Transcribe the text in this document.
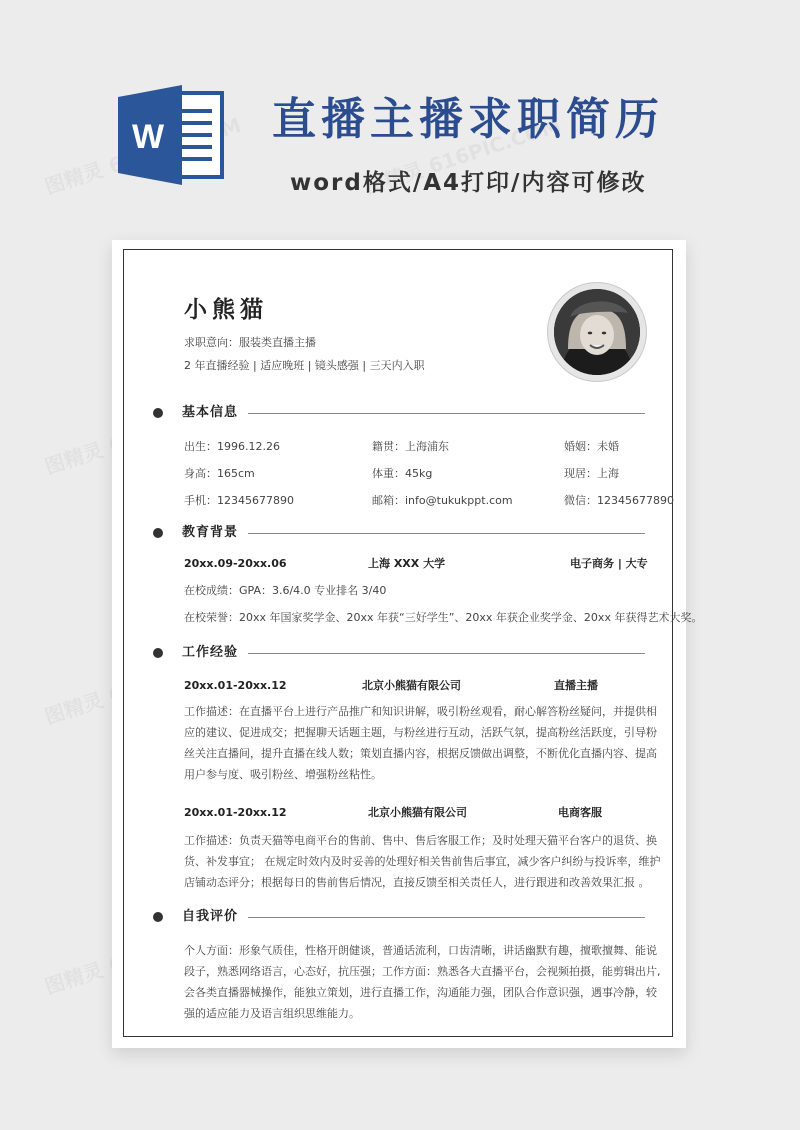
W 直播主播求职简历

word格式/A4打印/内容可修改

小熊猫
求职意向：服装类直播主播
2 年直播经验 | 适应晚班 | 镜头感强 | 三天内入职
基本信息
出生：1996.12.26	籍贯：上海浦东	婚姻：未婚
身高：165cm	体重：45kg	现居：上海
手机：12345677890	邮箱：info@tukukppt.com	微信：12345677890
教育背景
20xx.09-20xx.06	上海 XXX 大学	电子商务 | 大专
在校成绩：GPA：3.6/4.0 专业排名 3/40
在校荣誉：20xx 年国家奖学金、20xx 年获“三好学生”、20xx 年获企业奖学金、20xx 年获得艺术大奖。
工作经验
20xx.01-20xx.12	北京小熊猫有限公司	直播主播
工作描述：在直播平台上进行产品推广和知识讲解，吸引粉丝观看，耐心解答粉丝疑问，并提供相应的建议、促进成交；把握聊天话题主题，与粉丝进行互动，活跃气氛，提高粉丝活跃度，引导粉丝关注直播间，提升直播在线人数；策划直播内容，根据反馈做出调整，不断优化直播内容、提高用户参与度、吸引粉丝、增强粉丝粘性。
20xx.01-20xx.12	北京小熊猫有限公司	电商客服
工作描述：负责天猫等电商平台的售前、售中、售后客服工作；及时处理天猫平台客户的退货、换货、补发事宜； 在规定时效内及时妥善的处理好相关售前售后事宜，减少客户纠纷与投诉率，维护店铺动态评分；根据每日的售前售后情况，直接反馈至相关责任人，进行跟进和改善效果汇报 。
自我评价
个人方面：形象气质佳，性格开朗健谈，普通话流利，口齿清晰，讲话幽默有趣，擅歌擅舞、能说段子，熟悉网络语言，心态好，抗压强；工作方面：熟悉各大直播平台，会视频拍摄，能剪辑出片,会各类直播器械操作，能独立策划，进行直播工作，沟通能力强，团队合作意识强，遇事冷静，较强的适应能力及语言组织思维能力。
